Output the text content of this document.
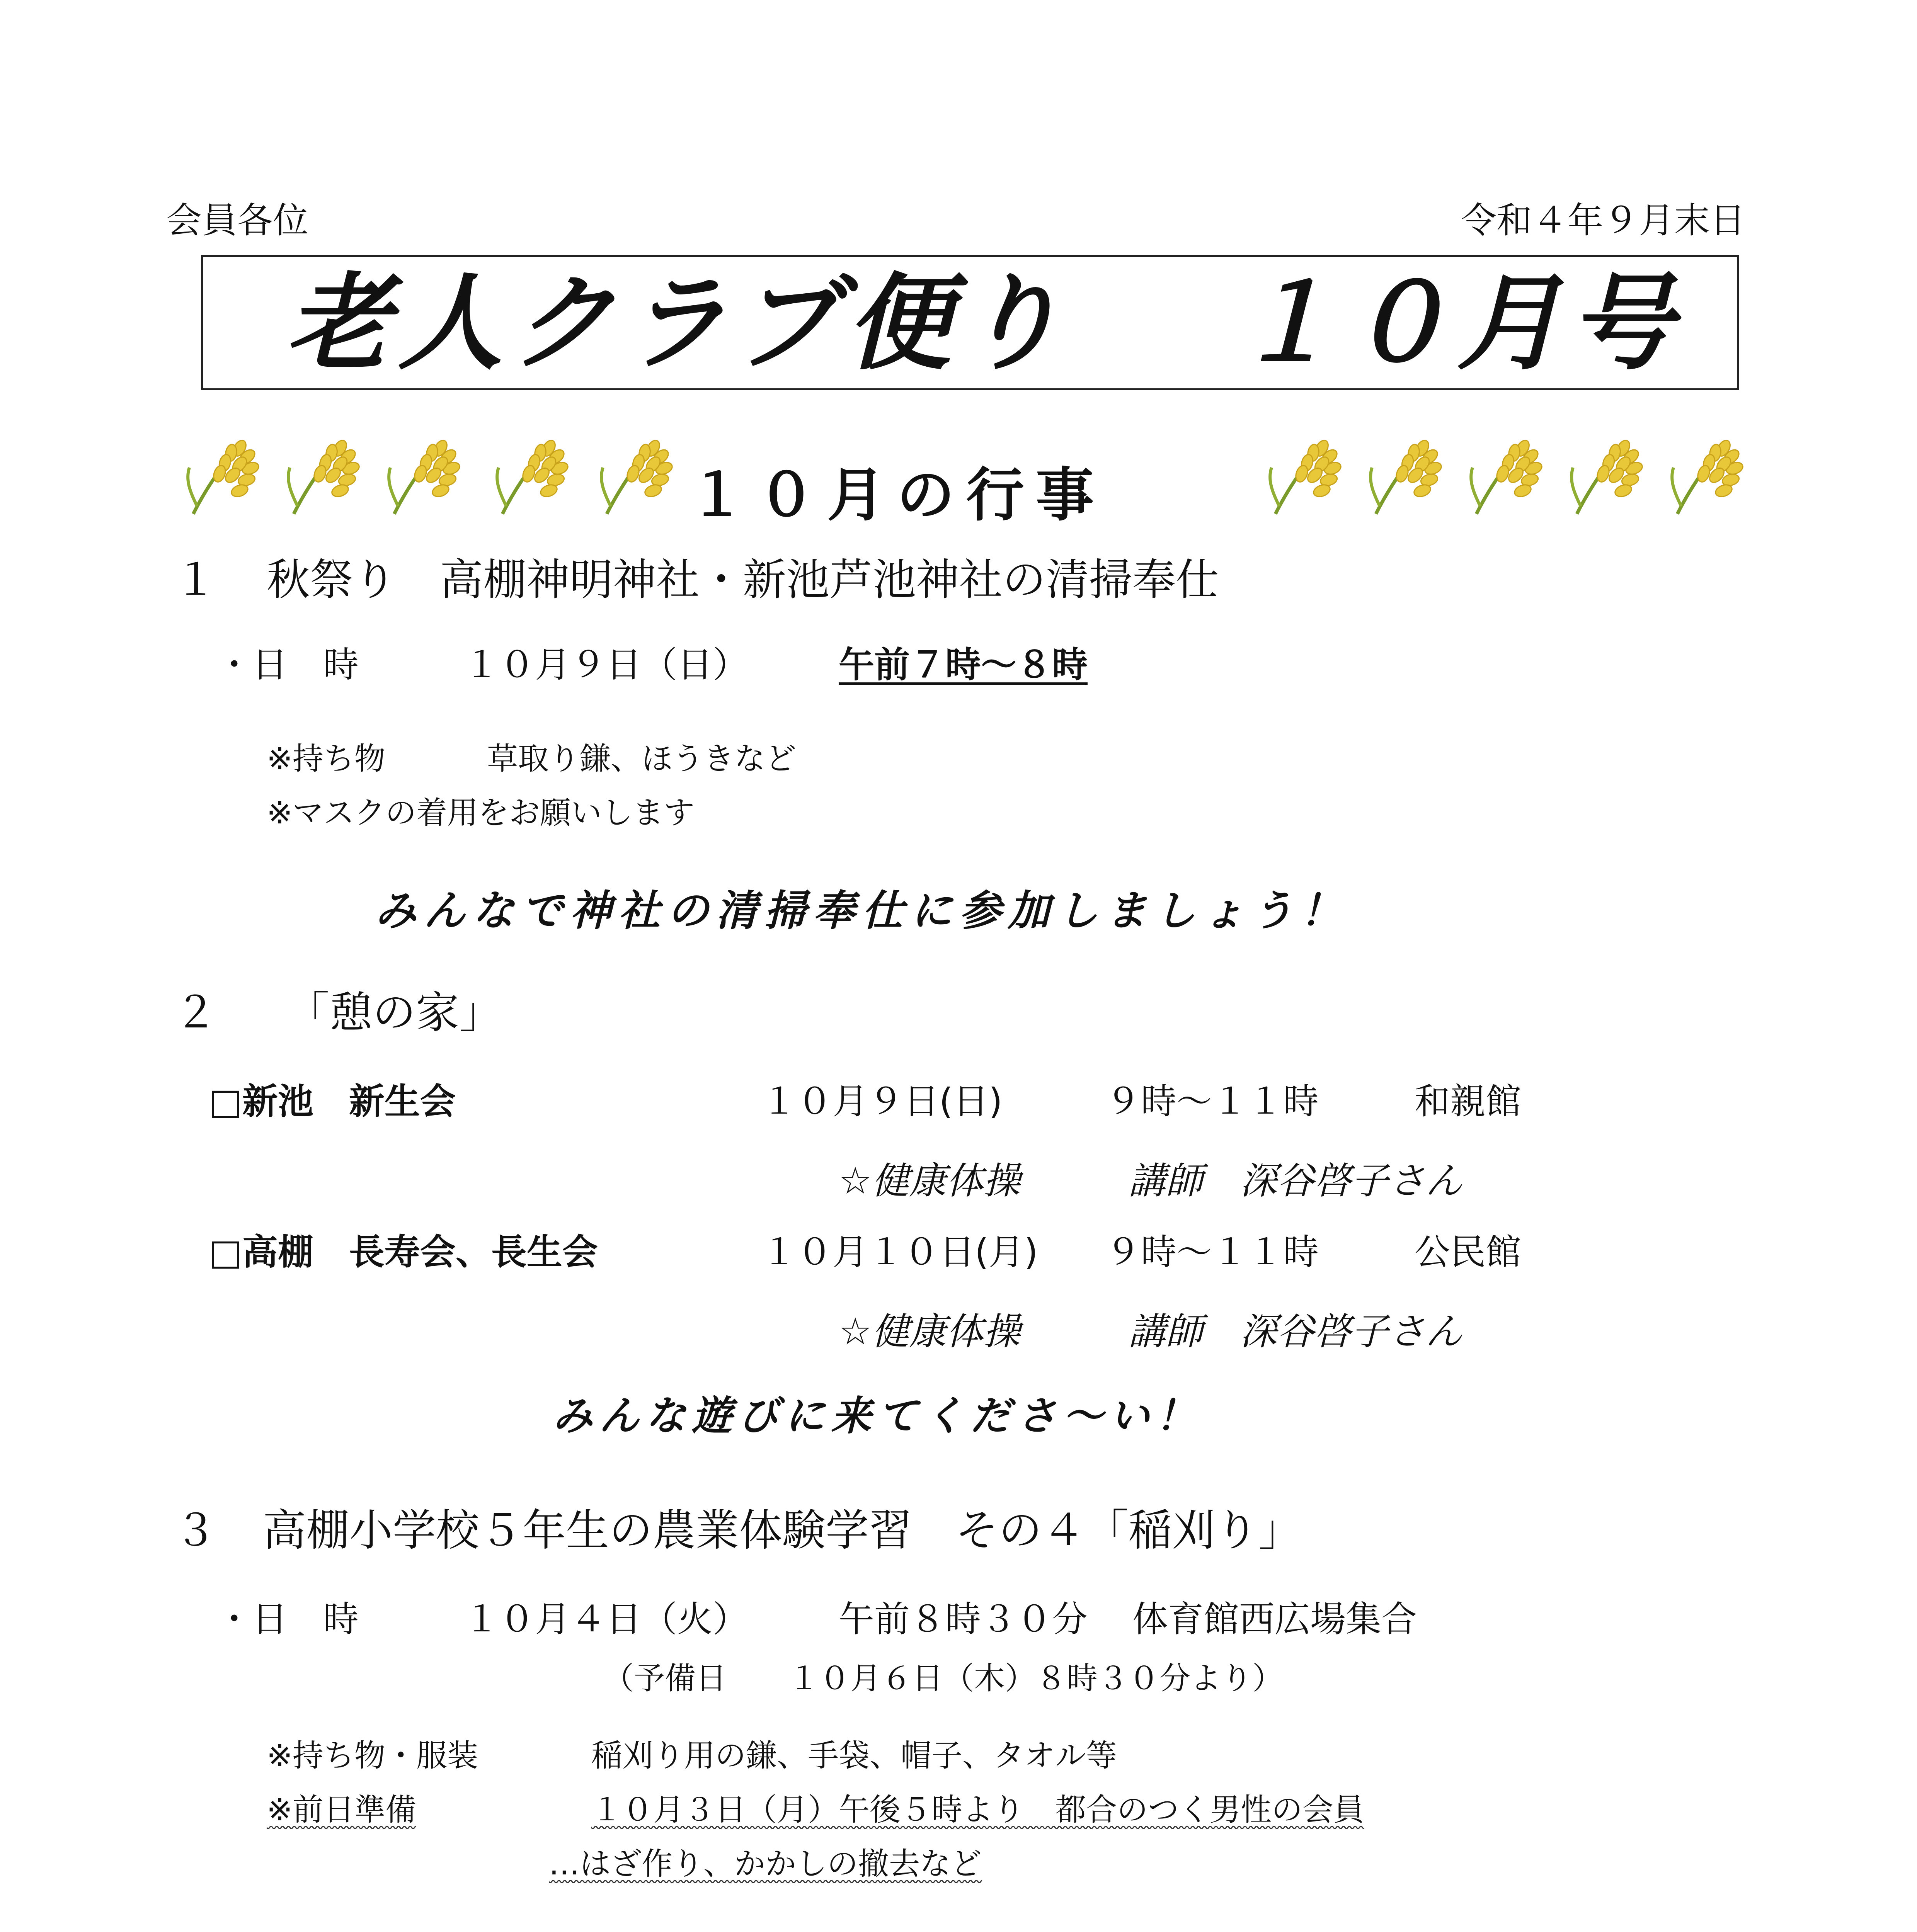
会員各位	令和４年９月末日
老人クラブ便り １０月号
１０月の行事
１ 秋祭り　高棚神明神社・新池芦池神社の清掃奉仕
・日　時	１０月９日（日）	午前７時～８時
※持ち物	草取り鎌、ほうきなど
※マスクの着用をお願いします
みんなで神社の清掃奉仕に参加しましょう！
２ 「憩の家」
□新池　新生会	１０月９日(日)	９時～１１時	和親館
☆健康体操	講師　深谷啓子さん
□高棚　長寿会、長生会	１０月１０日(月) ９時～１１時	公民館
☆健康体操	講師　深谷啓子さん
みんな遊びに来てくださ～い！
３ 高棚小学校５年生の農業体験学習　その４「稲刈り」
・日　時	１０月４日（火）	午前８時３０分 体育館西広場集合
（予備日　　１０月６日（木）８時３０分より）
※持ち物・服装	稲刈り用の鎌、手袋、帽子、タオル等
※前日準備	１０月３日（月）午後５時より　都合のつく男性の会員
…はざ作り、かかしの撤去など
